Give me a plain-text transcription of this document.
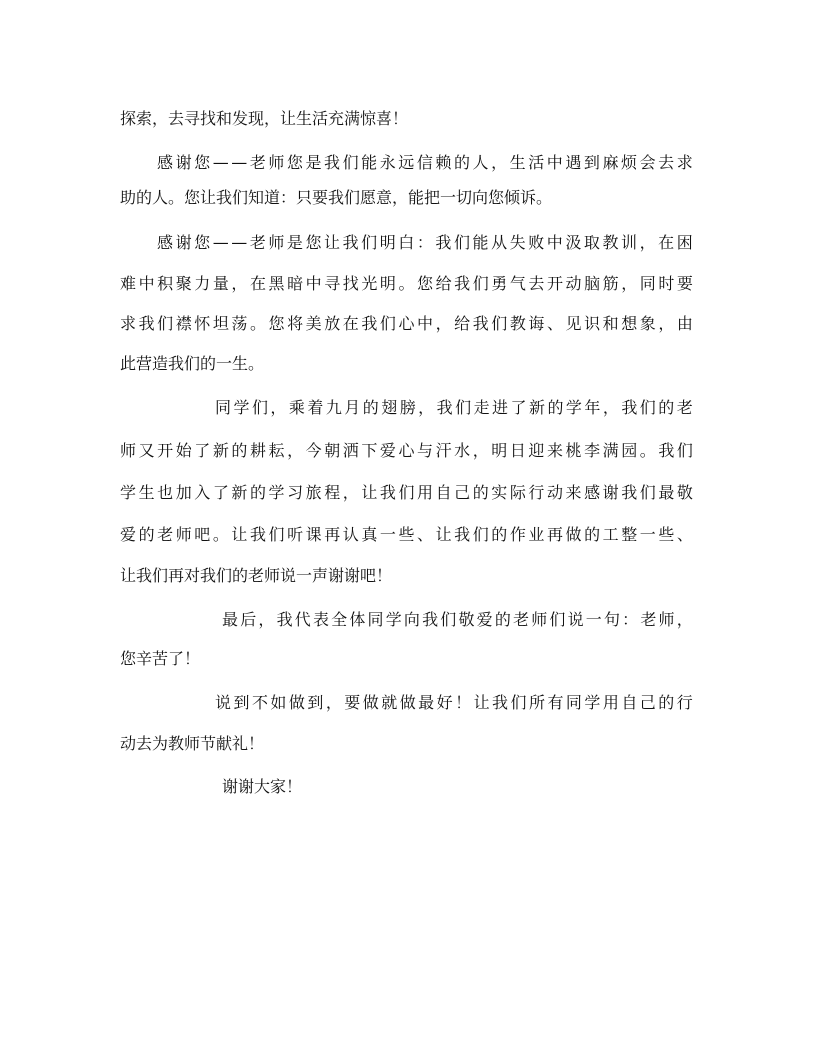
探索，去寻找和发现，让生活充满惊喜！
感 谢 您 — — 老 师 您 是 我 们 能 永 远 信 赖 的 人 ， 生 活 中 遇 到 麻 烦 会 去 求
助的人。您让我们知道：只要我们愿意，能把一切向您倾诉。
感 谢 您 — — 老 师 是 您 让 我 们 明 白 ： 我 们 能 从 失 败 中 汲 取 教 训 ， 在 困
难 中 积 聚 力 量 ， 在 黑 暗 中 寻 找 光 明 。 您 给 我 们 勇 气 去 开 动 脑 筋 ， 同 时 要
求 我 们 襟 怀 坦 荡 。 您 将 美 放 在 我 们 心 中 ， 给 我 们 教 诲 、 见 识 和 想 象 ， 由
此营造我们的一生。
同 学 们 ， 乘 着 九 月 的 翅 膀 ， 我 们 走 进 了 新 的 学 年 ， 我 们 的 老
师 又 开 始 了 新 的 耕 耘 ， 今 朝 洒 下 爱 心 与 汗 水 ， 明 日 迎 来 桃 李 满 园 。 我 们
学 生 也 加 入 了 新 的 学 习 旅 程 ， 让 我 们 用 自 己 的 实 际 行 动 来 感 谢 我 们 最 敬
爱 的 老 师 吧 。 让 我 们 听 课 再 认 真 一 些 、 让 我 们 的 作 业 再 做 的 工 整 一 些 、
让我们再对我们的老师说一声谢谢吧！
最 后 ， 我 代 表 全 体 同 学 向 我 们 敬 爱 的 老 师 们 说 一 句 ： 老 师 ，
您辛苦了！
说 到 不 如 做 到 ， 要 做 就 做 最 好 ！ 让 我 们 所 有 同 学 用 自 己 的 行
动去为教师节献礼！
谢谢大家！
